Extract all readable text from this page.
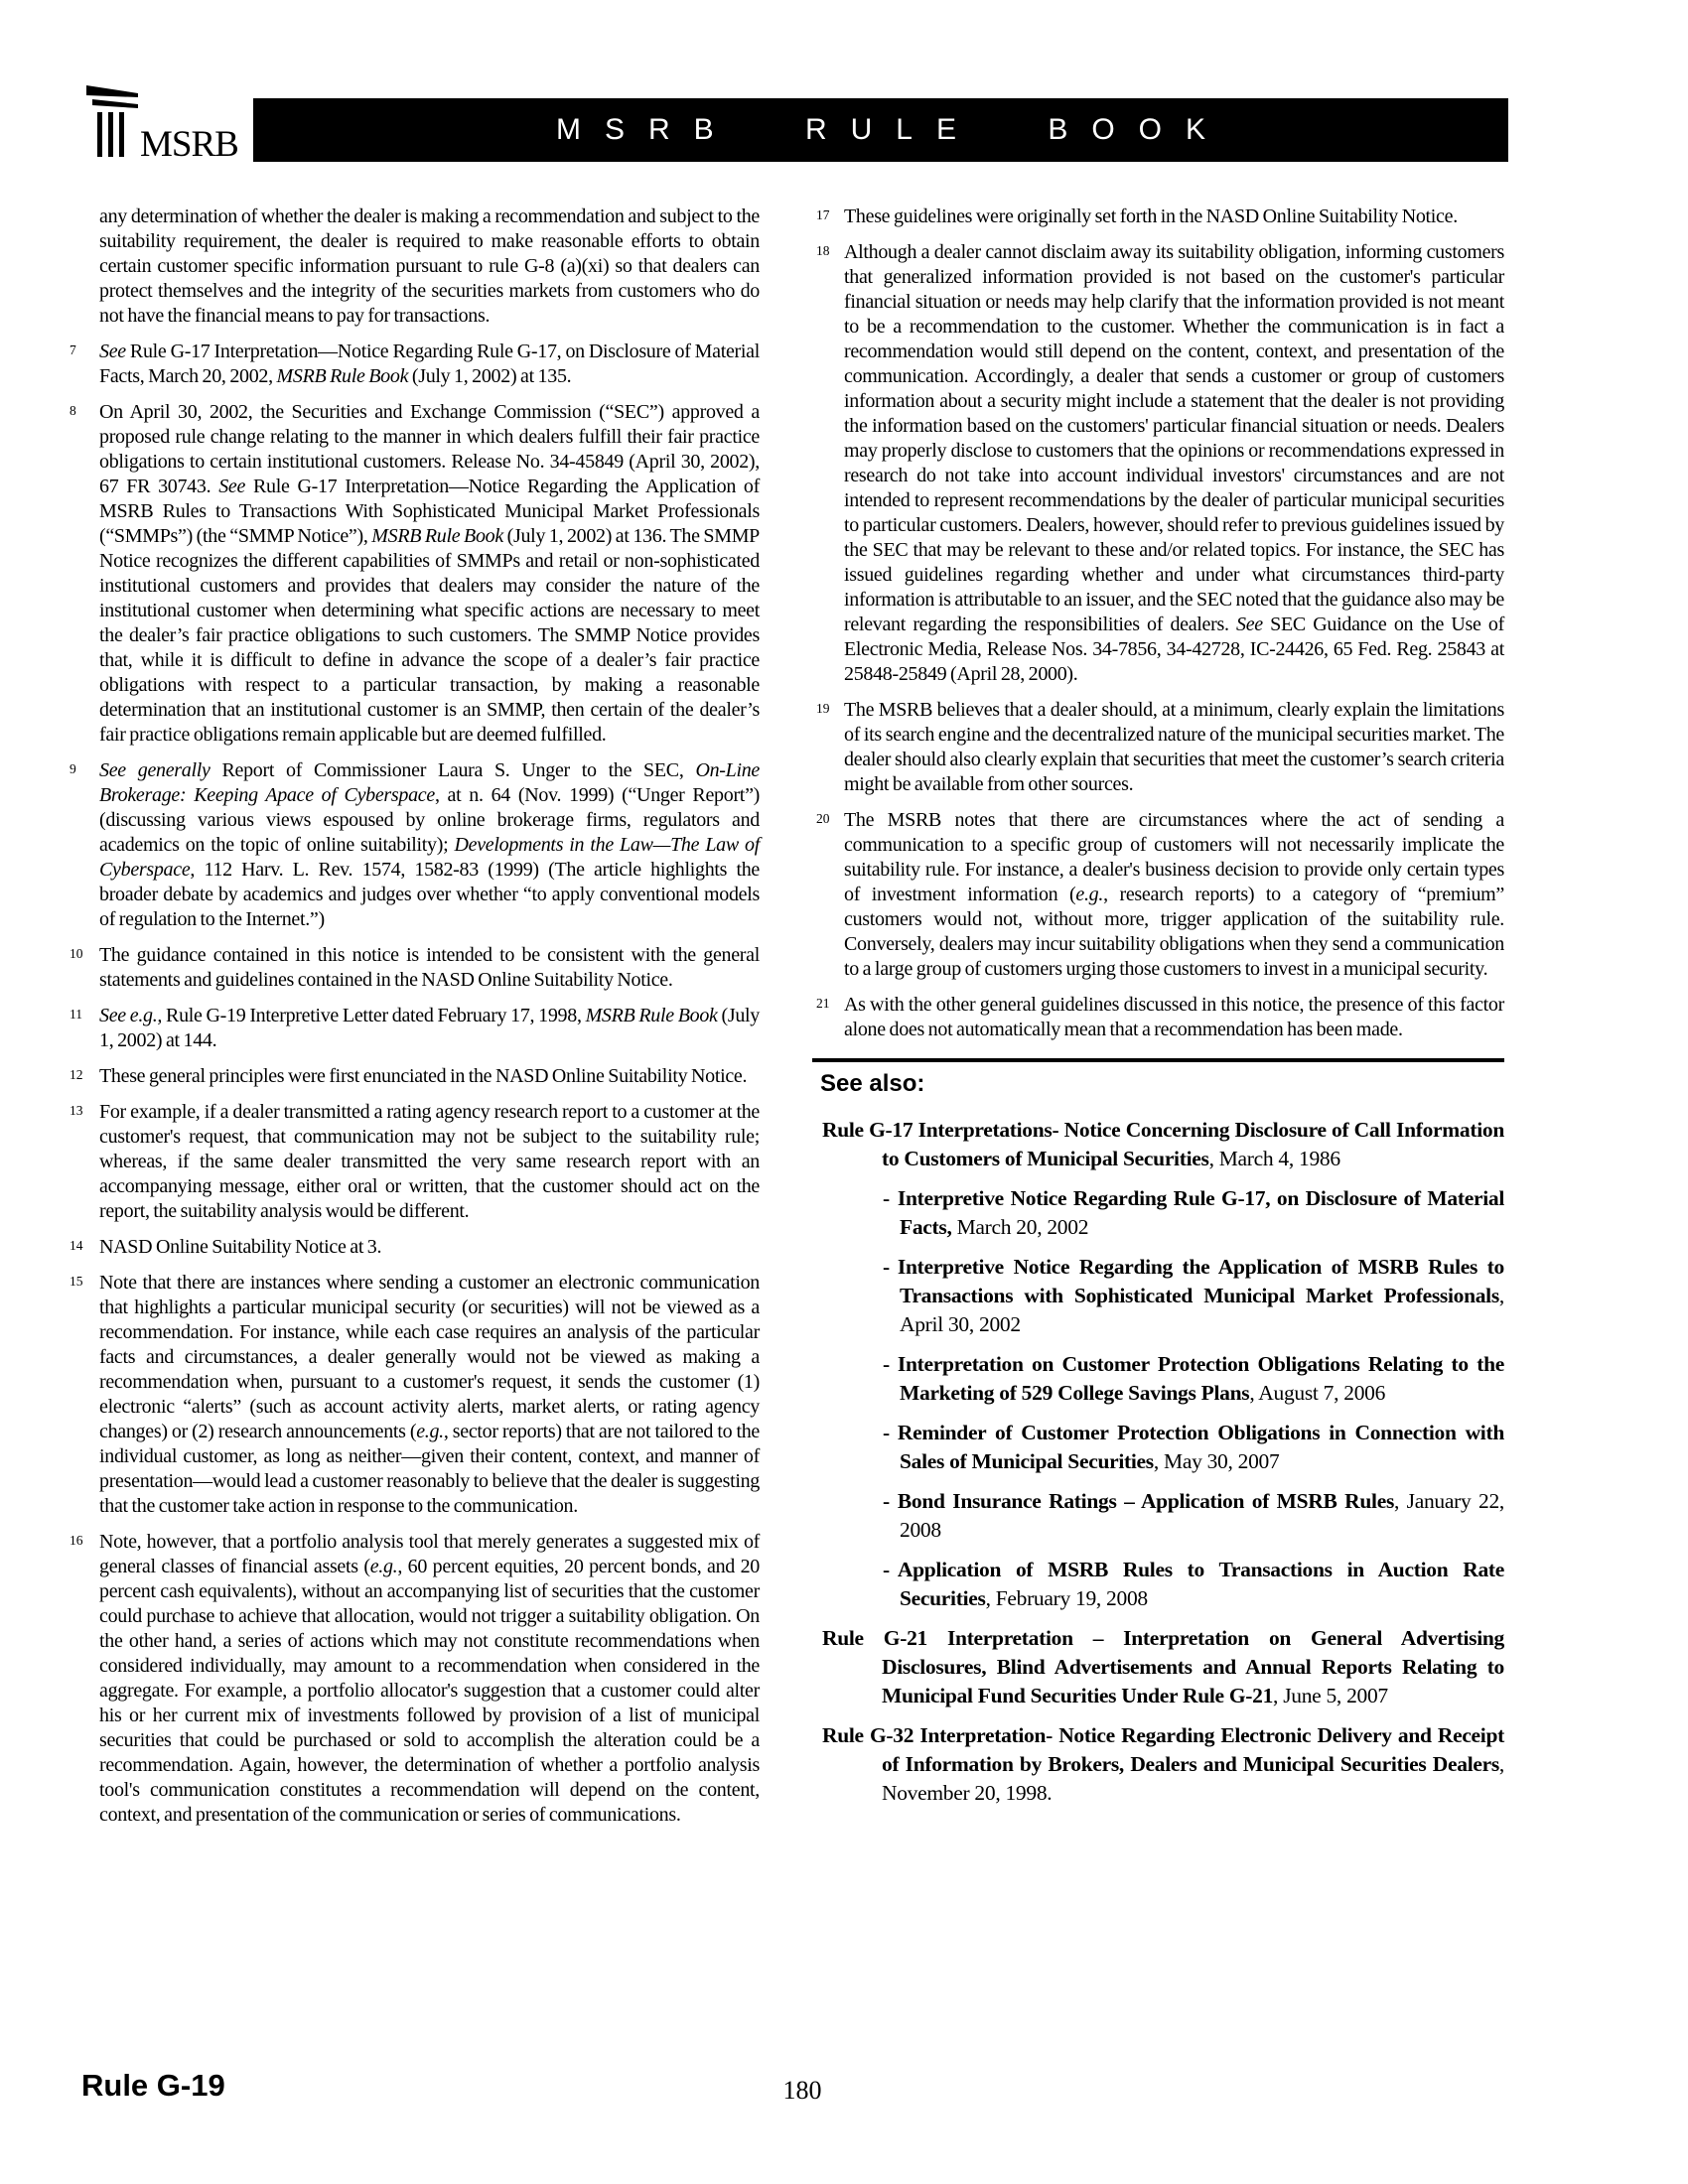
MSRB	MSRB RULE BOOK

any determination of whether the dealer is making a recommendation and subject to the suitability requirement, the dealer is required to make reasonable efforts to obtain certain customer specific information pursuant to rule G-8 (a)(xi) so that dealers can protect themselves and the integrity of the securities markets from customers who do not have the financial means to pay for transactions.

7 See Rule G-17 Interpretation—Notice Regarding Rule G-17, on Disclosure of Material Facts, March 20, 2002, MSRB Rule Book (July 1, 2002) at 135.
8 On April 30, 2002, the Securities and Exchange Commission (“SEC”) approved a proposed rule change relating to the manner in which dealers fulfill their fair practice obligations to certain institutional customers. Release No. 34-45849 (April 30, 2002), 67 FR 30743. See Rule G-17 Interpretation—Notice Regarding the Application of MSRB Rules to Transactions With Sophisticated Municipal Market Professionals (“SMMPs”) (the “SMMP Notice”), MSRB Rule Book (July 1, 2002) at 136. The SMMP Notice recognizes the different capabilities of SMMPs and retail or non-sophisticated institutional customers and provides that dealers may consider the nature of the institutional customer when determining what specific actions are necessary to meet the dealer’s fair practice obligations to such customers. The SMMP Notice provides that, while it is difficult to define in advance the scope of a dealer’s fair practice obligations with respect to a particular transaction, by making a reasonable determination that an institutional customer is an SMMP, then certain of the dealer’s fair practice obligations remain applicable but are deemed fulfilled.
9 See generally Report of Commissioner Laura S. Unger to the SEC, On-Line Brokerage: Keeping Apace of Cyberspace, at n. 64 (Nov. 1999) (“Unger Report”) (discussing various views espoused by online brokerage firms, regulators and academics on the topic of online suitability); Developments in the Law—The Law of Cyberspace, 112 Harv. L. Rev. 1574, 1582-83 (1999) (The article highlights the broader debate by academics and judges over whether “to apply conventional models of regulation to the Internet.”)
10 The guidance contained in this notice is intended to be consistent with the general statements and guidelines contained in the NASD Online Suitability Notice.
11 See e.g., Rule G-19 Interpretive Letter dated February 17, 1998, MSRB Rule Book (July 1, 2002) at 144.
12 These general principles were first enunciated in the NASD Online Suitability Notice.
13 For example, if a dealer transmitted a rating agency research report to a customer at the customer's request, that communication may not be subject to the suitability rule; whereas, if the same dealer transmitted the very same research report with an accompanying message, either oral or written, that the customer should act on the report, the suitability analysis would be different.
14 NASD Online Suitability Notice at 3.
15 Note that there are instances where sending a customer an electronic communication that highlights a particular municipal security (or securities) will not be viewed as a recommendation. For instance, while each case requires an analysis of the particular facts and circumstances, a dealer generally would not be viewed as making a recommendation when, pursuant to a customer's request, it sends the customer (1) electronic “alerts” (such as account activity alerts, market alerts, or rating agency changes) or (2) research announcements (e.g., sector reports) that are not tailored to the individual customer, as long as neither—given their content, context, and manner of presentation—would lead a customer reasonably to believe that the dealer is suggesting that the customer take action in response to the communication.
16 Note, however, that a portfolio analysis tool that merely generates a suggested mix of general classes of financial assets (e.g., 60 percent equities, 20 percent bonds, and 20 percent cash equivalents), without an accompanying list of securities that the customer could purchase to achieve that allocation, would not trigger a suitability obligation. On the other hand, a series of actions which may not constitute recommendations when considered individually, may amount to a recommendation when considered in the aggregate. For example, a portfolio allocator's suggestion that a customer could alter his or her current mix of investments followed by provision of a list of municipal securities that could be purchased or sold to accomplish the alteration could be a recommendation. Again, however, the determination of whether a portfolio analysis tool's communication constitutes a recommendation will depend on the content, context, and presentation of the communication or series of communications.
17 These guidelines were originally set forth in the NASD Online Suitability Notice.
18 Although a dealer cannot disclaim away its suitability obligation, informing customers that generalized information provided is not based on the customer's particular financial situation or needs may help clarify that the information provided is not meant to be a recommendation to the customer. Whether the communication is in fact a recommendation would still depend on the content, context, and presentation of the communication. Accordingly, a dealer that sends a customer or group of customers information about a security might include a statement that the dealer is not providing the information based on the customers' particular financial situation or needs. Dealers may properly disclose to customers that the opinions or recommendations expressed in research do not take into account individual investors' circumstances and are not intended to represent recommendations by the dealer of particular municipal securities to particular customers. Dealers, however, should refer to previous guidelines issued by the SEC that may be relevant to these and/or related topics. For instance, the SEC has issued guidelines regarding whether and under what circumstances third-party information is attributable to an issuer, and the SEC noted that the guidance also may be relevant regarding the responsibilities of dealers. See SEC Guidance on the Use of Electronic Media, Release Nos. 34-7856, 34-42728, IC-24426, 65 Fed. Reg. 25843 at 25848-25849 (April 28, 2000).
19 The MSRB believes that a dealer should, at a minimum, clearly explain the limitations of its search engine and the decentralized nature of the municipal securities market. The dealer should also clearly explain that securities that meet the customer’s search criteria might be available from other sources.
20 The MSRB notes that there are circumstances where the act of sending a communication to a specific group of customers will not necessarily implicate the suitability rule. For instance, a dealer's business decision to provide only certain types of investment information (e.g., research reports) to a category of “premium” customers would not, without more, trigger application of the suitability rule. Conversely, dealers may incur suitability obligations when they send a communication to a large group of customers urging those customers to invest in a municipal security.
21 As with the other general guidelines discussed in this notice, the presence of this factor alone does not automatically mean that a recommendation has been made.
See also:
Rule G-17 Interpretations- Notice Concerning Disclosure of Call Information to Customers of Municipal Securities, March 4, 1986
- Interpretive Notice Regarding Rule G-17, on Disclosure of Material Facts, March 20, 2002
- Interpretive Notice Regarding the Application of MSRB Rules to Transactions with Sophisticated Municipal Market Professionals, April 30, 2002
- Interpretation on Customer Protection Obligations Relating to the Marketing of 529 College Savings Plans, August 7, 2006
- Reminder of Customer Protection Obligations in Connection with Sales of Municipal Securities, May 30, 2007
- Bond Insurance Ratings – Application of MSRB Rules, January 22, 2008
- Application of MSRB Rules to Transactions in Auction Rate Securities, February 19, 2008
Rule G-21 Interpretation – Interpretation on General Advertising Disclosures, Blind Advertisements and Annual Reports Relating to Municipal Fund Securities Under Rule G-21, June 5, 2007
Rule G-32 Interpretation- Notice Regarding Electronic Delivery and Receipt of Information by Brokers, Dealers and Municipal Securities Dealers, November 20, 1998.
Rule G-19	180
